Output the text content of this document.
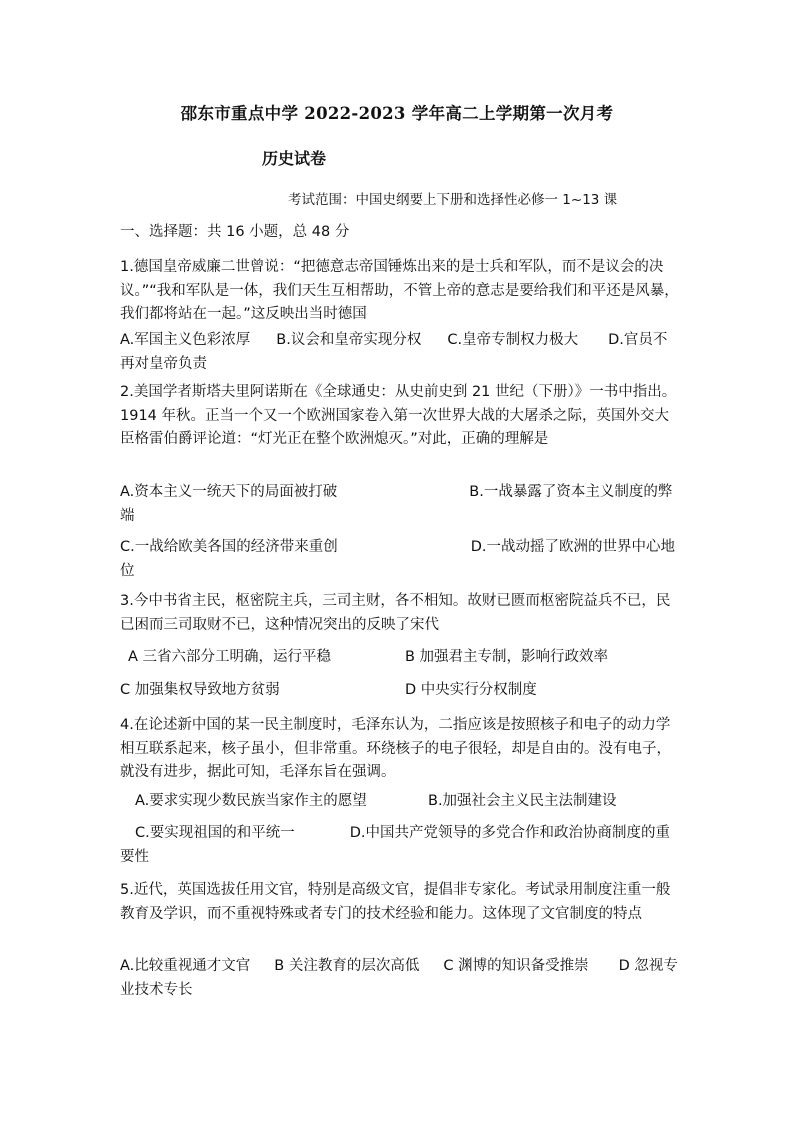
邵东市重点中学 2022-2023 学年高二上学期第一次月考
历史试卷
考试范围：中国史纲要上下册和选择性必修一 1~13 课
一、选择题：共 16 小题，总 48 分
1.德国皇帝威廉二世曾说：“把德意志帝国锤炼出来的是士兵和军队，而不是议会的决议。”“我和军队是一体，我们天生互相帮助，不管上帝的意志是要给我们和平还是风暴，我们都将站在一起。”这反映出当时德国
A.军国主义色彩浓厚 B.议会和皇帝实现分权 C.皇帝专制权力极大 D.官员不再对皇帝负责
2.美国学者斯塔夫里阿诺斯在《全球通史：从史前史到 21 世纪（下册）》一书中指出。1914 年秋。正当一个又一个欧洲国家卷入第一次世界大战的大屠杀之际，英国外交大臣格雷伯爵评论道：“灯光正在整个欧洲熄灭。”对此，正确的理解是
A.资本主义一统天下的局面被打破	B.一战暴露了资本主义制度的弊端
C.一战给欧美各国的经济带来重创	D.一战动摇了欧洲的世界中心地位
3.今中书省主民，枢密院主兵，三司主财，各不相知。故财已匮而枢密院益兵不已，民已困而三司取财不已，这种情况突出的反映了宋代
A 三省六部分工明确，运行平稳	B 加强君主专制，影响行政效率
C 加强集权导致地方贫弱	D 中央实行分权制度
4.在论述新中国的某一民主制度时，毛泽东认为，二指应该是按照核子和电子的动力学相互联系起来，核子虽小，但非常重。环绕核子的电子很轻，却是自由的。没有电子，就没有进步，据此可知，毛泽东旨在强调。
A.要求实现少数民族当家作主的愿望	B.加强社会主义民主法制建设
C.要实现祖国的和平统一	D.中国共产党领导的多党合作和政治协商制度的重要性
5.近代，英国选拔任用文官，特别是高级文官，提倡非专家化。考试录用制度注重一般教育及学识，而不重视特殊或者专门的技术经验和能力。这体现了文官制度的特点
A.比较重视通才文官 B 关注教育的层次高低 C 渊博的知识备受推崇 D 忽视专业技术专长
